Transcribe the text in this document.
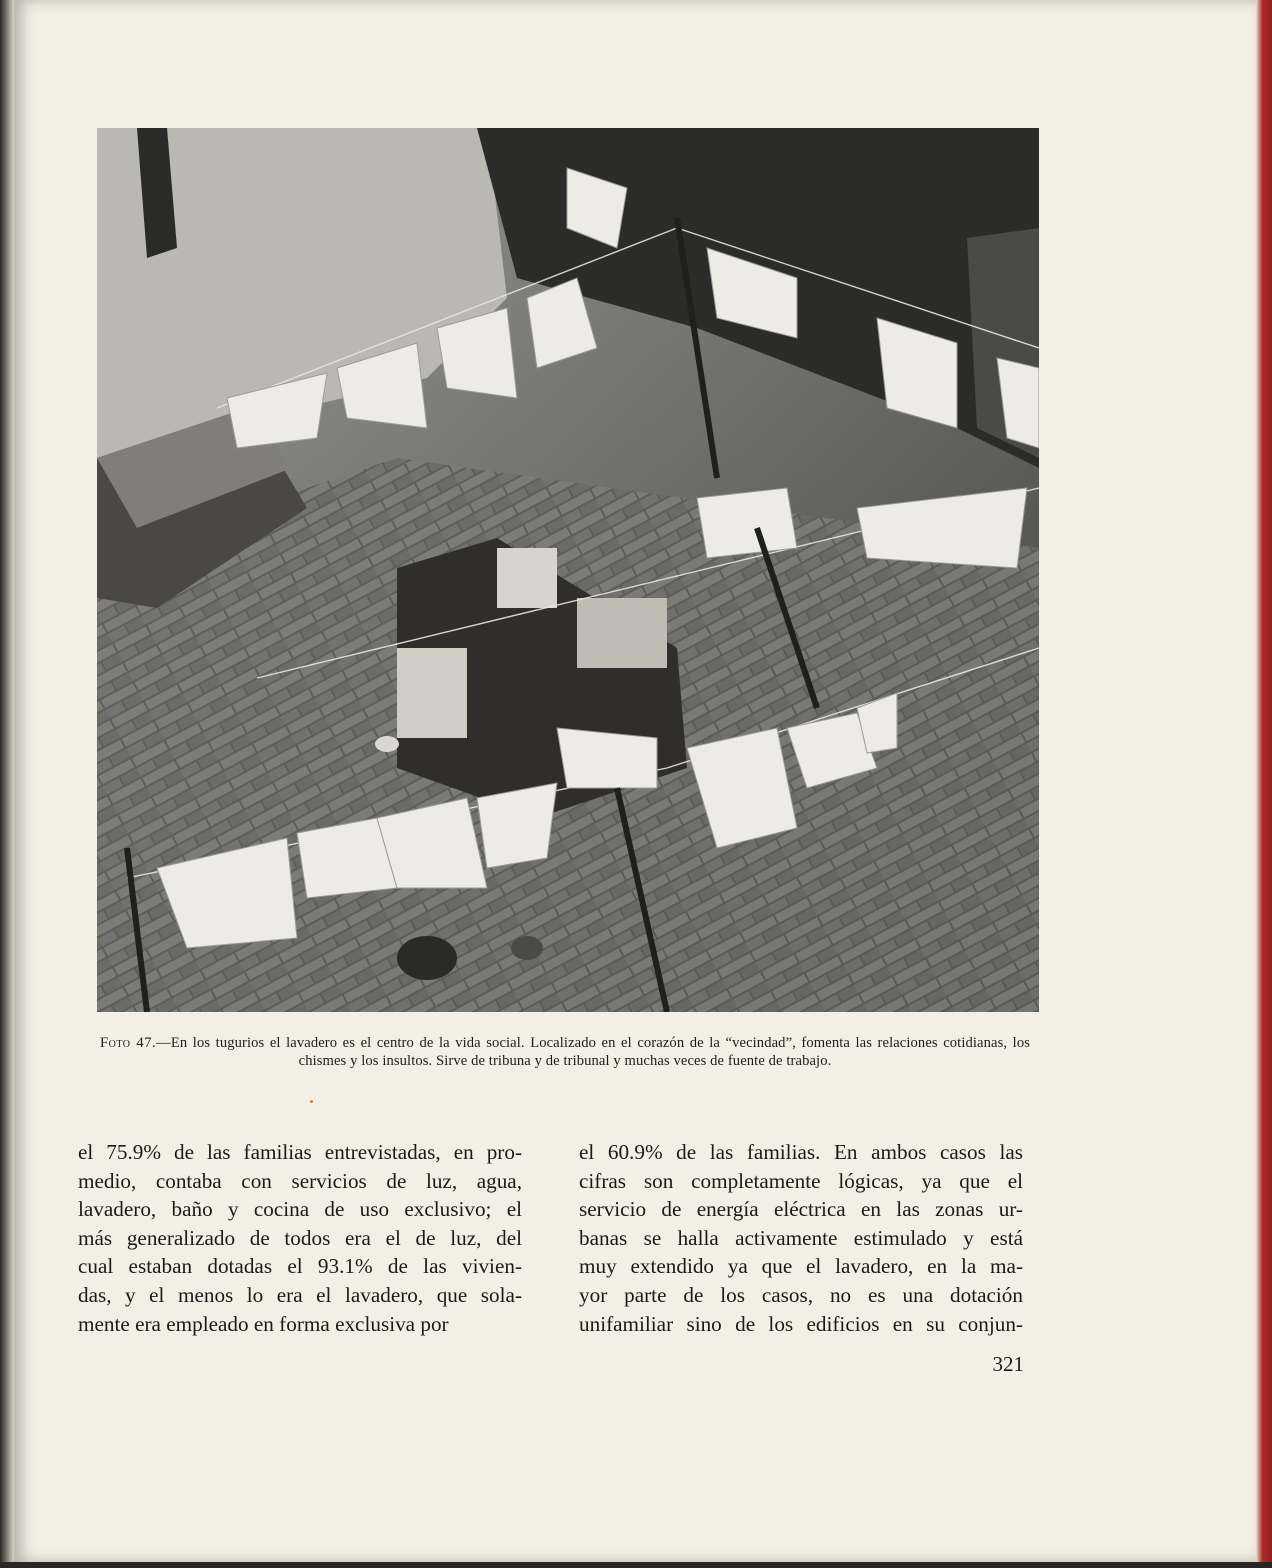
Foto 47.—En los tugurios el lavadero es el centro de la vida social. Localizado en el corazón de la “vecindad”, fomenta las relaciones cotidianas, los chismes y los insultos. Sirve de tribuna y de tribunal y muchas veces de fuente de trabajo.
el 75.9% de las familias entrevistadas, en pro-
medio, contaba con servicios de luz, agua,
lavadero, baño y cocina de uso exclusivo; el
más generalizado de todos era el de luz, del
cual estaban dotadas el 93.1% de las vivien-
das, y el menos lo era el lavadero, que sola-
mente era empleado en forma exclusiva por
el 60.9% de las familias. En ambos casos las
cifras son completamente lógicas, ya que el
servicio de energía eléctrica en las zonas ur-
banas se halla activamente estimulado y está
muy extendido ya que el lavadero, en la ma-
yor parte de los casos, no es una dotación
unifamiliar sino de los edificios en su conjun-
321
